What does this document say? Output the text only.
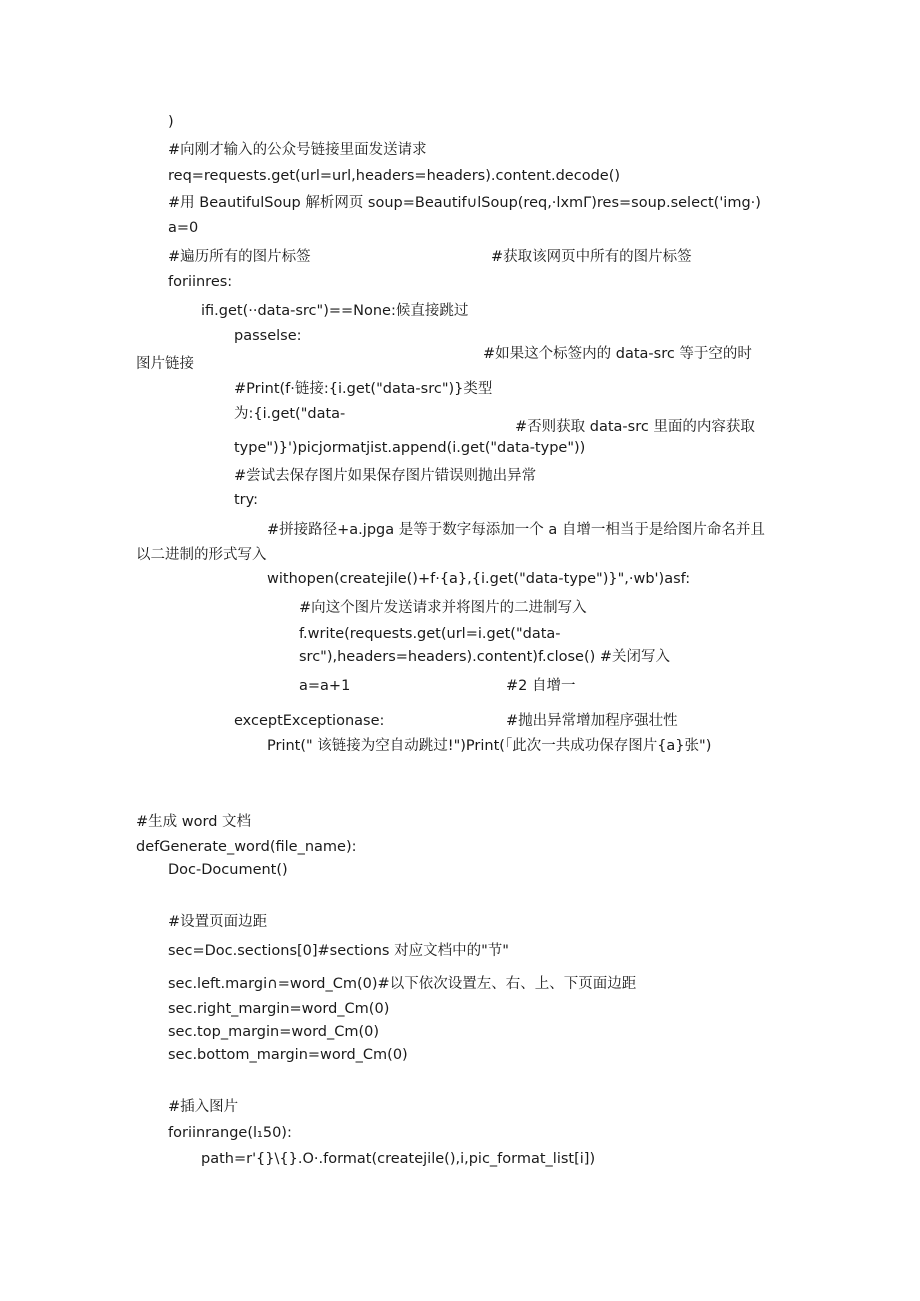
)
#向刚才输入的公众号链接里面发送请求
req=requests.get(url=url,headers=headers).content.decode()
#用 BeautifulSoup 解析网页 soup=Beautif∪lSoup(req,·lxmΓ)res=soup.select('img·)
a=0
#遍历所有的图片标签	#获取该网页中所有的图片标签
foriinres:
ifi.get(··data-src")==None:候直接跳过
passelse:
#如果这个标签内的 data-src 等于空的时
图片链接
#Print(f·链接:{i.get("data-src")}类型
为:{i.get("data-
#否则获取 data-src 里面的内容获取
type")}')picjormatjist.append(i.get("data-type"))
#尝试去保存图片如果保存图片错误则抛出异常
try:
#拼接路径+a.jpga 是等于数字每添加一个 a 自增一相当于是给图片命名并且
以二进制的形式写入
withopen(createjile()+f·{a},{i.get("data-type")}",·wb')asf:
#向这个图片发送请求并将图片的二进制写入
f.write(requests.get(url=i.get("data-
src"),headers=headers).content)f.close() #关闭写入
a=a+1	#2 自增一
exceptExceptionase:	#抛出异常增加程序强壮性
Print(" 该链接为空自动跳过!")Print(「此次一共成功保存图片{a}张")
#生成 word 文档
defGenerate_word(file_name):
Doc-Document()
#设置页面边距
sec=Doc.sections[0]#sections 对应文档中的"节"
sec.left.margi∩=word_Cm(0)#以下依次设置左、右、上、下页面边距
sec.right_margin=word_Cm(0)
sec.top_margin=word_Cm(0)
sec.bottom_margin=word_Cm(0)
#插入图片
foriinrange(l₁50):
path=r'{}\{}.O·.format(createjile(),i,pic_format_list[i])
